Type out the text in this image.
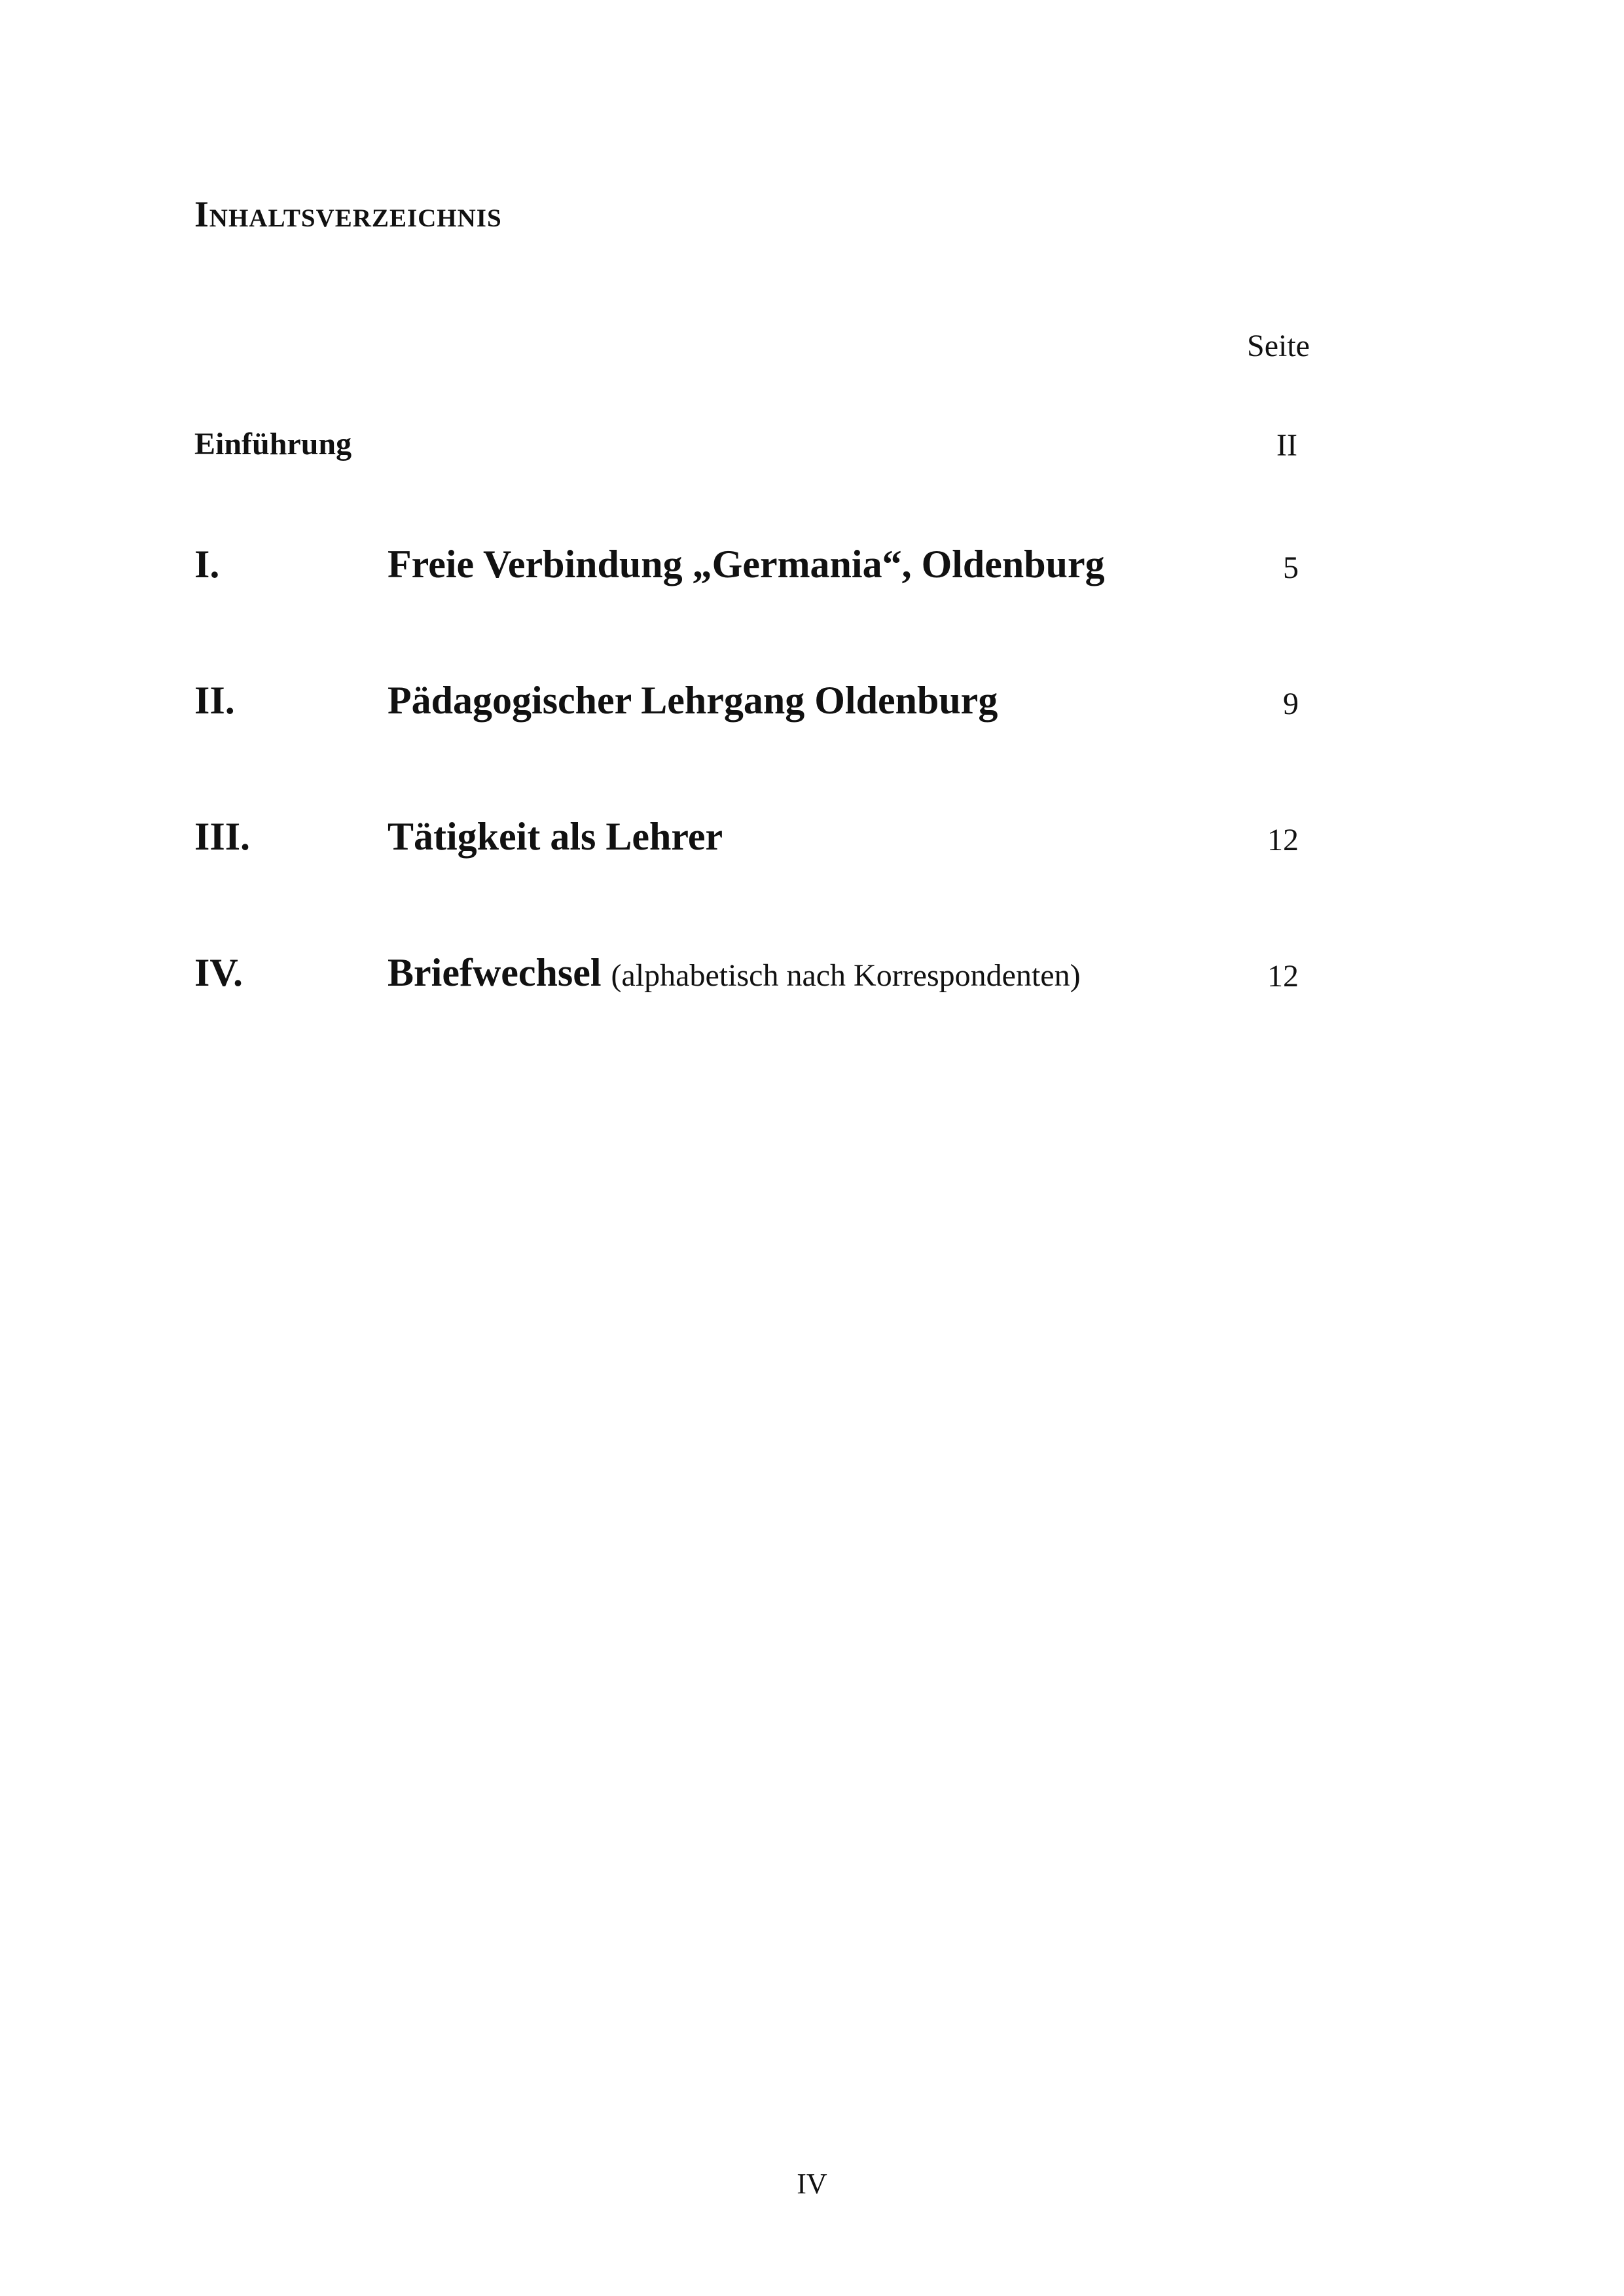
Inhaltsverzeichnis
Seite
Einführung	II
I.	Freie Verbindung „Germania“, Oldenburg	5
II.	Pädagogischer Lehrgang Oldenburg	9
III.	Tätigkeit als Lehrer	12
IV.	Briefwechsel (alphabetisch nach Korrespondenten)	12
IV
